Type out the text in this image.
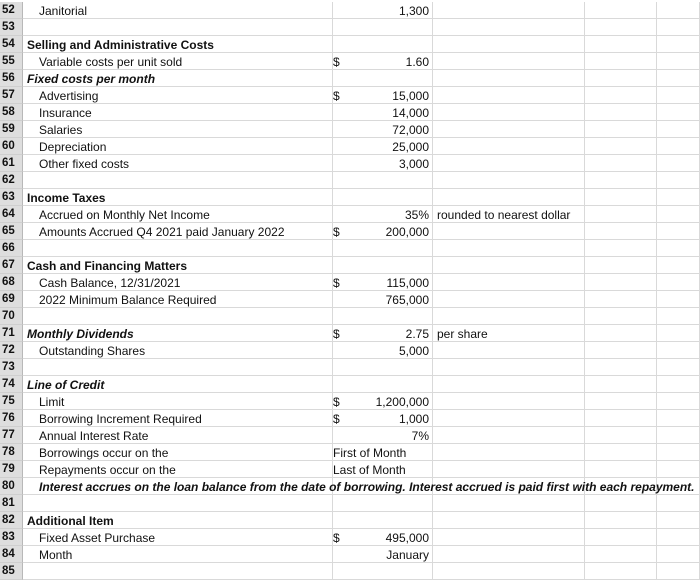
52	Janitorial	1,300
53
54	Selling and Administrative Costs
55	Variable costs per unit sold	$	1.60
56	Fixed costs per month
57	Advertising	$	15,000
58	Insurance	14,000
59	Salaries	72,000
60	Depreciation	25,000
61	Other fixed costs	3,000
62
63	Income Taxes
64	Accrued on Monthly Net Income	35% rounded to nearest dollar
65	Amounts Accrued Q4 2021 paid January 2022	$	200,000
66
67	Cash and Financing Matters
68	Cash Balance, 12/31/2021	$	115,000
69	2022 Minimum Balance Required	765,000
70
71	Monthly Dividends	$	2.75 per share
72	Outstanding Shares	5,000
73
74	Line of Credit
75	Limit	$	1,200,000
76	Borrowing Increment Required	$	1,000
77	Annual Interest Rate	7%
78	Borrowings occur on the	First of Month
79	Repayments occur on the	Last of Month
80	Interest accrues on the loan balance from the date of borrowing. Interest accrued is paid first with each repayment.
81
82	Additional Item
83	Fixed Asset Purchase	$	495,000
84	Month	January
85
